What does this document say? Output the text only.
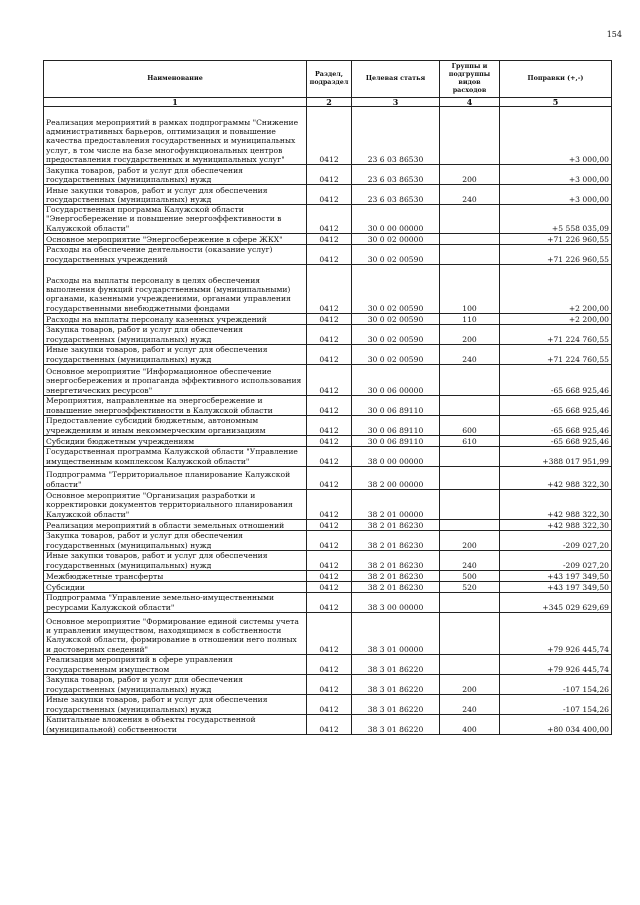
154
Наименование	Раздел, подраздел	Целевая статья	Группы и подгруппы видов расходов	Поправки (+,-)
1	2	3	4	5
Реализация мероприятий в рамках подпрограммы "Снижение административных барьеров, оптимизация и повышение качества предоставления государственных и муниципальных услуг, в том числе на базе многофункциональных центров предоставления государственных и муниципальных услуг"	0412	23 6 03 86530		+3 000,00
Закупка товаров, работ и услуг для обеспечения государственных (муниципальных) нужд	0412	23 6 03 86530	200	+3 000,00
Иные закупки товаров, работ и услуг для обеспечения государственных (муниципальных) нужд	0412	23 6 03 86530	240	+3 000,00
Государственная программа Калужской области "Энергосбережение и повышение энергоэффективности в Калужской области"	0412	30 0 00 00000		+5 558 035,09
Основное мероприятие "Энергосбережение в сфере ЖКХ"	0412	30 0 02 00000		+71 226 960,55
Расходы на обеспечение деятельности (оказание услуг) государственных учреждений	0412	30 0 02 00590		+71 226 960,55
Расходы на выплаты персоналу в целях обеспечения выполнения функций государственными (муниципальными) органами, казенными учреждениями, органами управления государственными внебюджетными фондами	0412	30 0 02 00590	100	+2 200,00
Расходы на выплаты персоналу казенных учреждений	0412	30 0 02 00590	110	+2 200,00
Закупка товаров, работ и услуг для обеспечения государственных (муниципальных) нужд	0412	30 0 02 00590	200	+71 224 760,55
Иные закупки товаров, работ и услуг для обеспечения государственных (муниципальных) нужд	0412	30 0 02 00590	240	+71 224 760,55
Основное мероприятие "Информационное обеспечение энергосбережения и пропаганда эффективного использования энергетических ресурсов"	0412	30 0 06 00000		-65 668 925,46
Мероприятия, направленные на энергосбережение и повышение энергоэффективности в Калужской области	0412	30 0 06 89110		-65 668 925,46
Предоставление субсидий бюджетным, автономным учреждениям и иным некоммерческим организациям	0412	30 0 06 89110	600	-65 668 925,46
Субсидии бюджетным учреждениям	0412	30 0 06 89110	610	-65 668 925,46
Государственная программа Калужской области "Управление имущественным комплексом Калужской области"	0412	38 0 00 00000		+388 017 951,99
Подпрограмма "Территориальное планирование Калужской области"	0412	38 2 00 00000		+42 988 322,30
Основное мероприятие "Организация разработки и корректировки документов территориального планирования Калужской области"	0412	38 2 01 00000		+42 988 322,30
Реализация мероприятий в области земельных отношений	0412	38 2 01 86230		+42 988 322,30
Закупка товаров, работ и услуг для обеспечения государственных (муниципальных) нужд	0412	38 2 01 86230	200	-209 027,20
Иные закупки товаров, работ и услуг для обеспечения государственных (муниципальных) нужд	0412	38 2 01 86230	240	-209 027,20
Межбюджетные трансферты	0412	38 2 01 86230	500	+43 197 349,50
Субсидии	0412	38 2 01 86230	520	+43 197 349,50
Подпрограмма "Управление земельно-имущественными ресурсами Калужской области"	0412	38 3 00 00000		+345 029 629,69
Основное мероприятие "Формирование единой системы учета и управления имуществом, находящимся в собственности Калужской области, формирование в отношении него полных и достоверных сведений"	0412	38 3 01 00000		+79 926 445,74
Реализация мероприятий в сфере управления государственным имуществом	0412	38 3 01 86220		+79 926 445,74
Закупка товаров, работ и услуг для обеспечения государственных (муниципальных) нужд	0412	38 3 01 86220	200	-107 154,26
Иные закупки товаров, работ и услуг для обеспечения государственных (муниципальных) нужд	0412	38 3 01 86220	240	-107 154,26
Капитальные вложения в объекты государственной (муниципальной) собственности	0412	38 3 01 86220	400	+80 034 400,00
